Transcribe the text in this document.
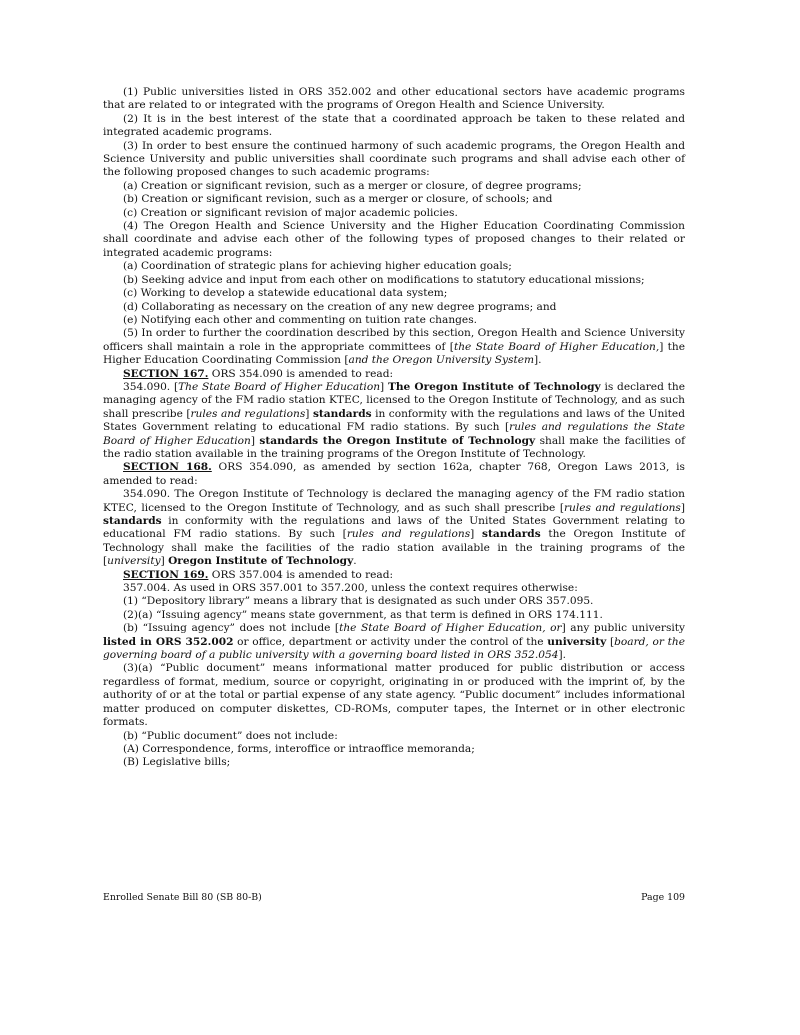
(1) Public universities listed in ORS 352.002 and other educational sectors have academic programs that are related to or integrated with the programs of Oregon Health and Science University.

(2) It is in the best interest of the state that a coordinated approach be taken to these related and integrated academic programs.

(3) In order to best ensure the continued harmony of such academic programs, the Oregon Health and Science University and public universities shall coordinate such programs and shall advise each other of the following proposed changes to such academic programs:

(a) Creation or significant revision, such as a merger or closure, of degree programs;

(b) Creation or significant revision, such as a merger or closure, of schools; and

(c) Creation or significant revision of major academic policies.

(4) The Oregon Health and Science University and the Higher Education Coordinating Commission shall coordinate and advise each other of the following types of proposed changes to their related or integrated academic programs:

(a) Coordination of strategic plans for achieving higher education goals;

(b) Seeking advice and input from each other on modifications to statutory educational missions;

(c) Working to develop a statewide educational data system;

(d) Collaborating as necessary on the creation of any new degree programs; and

(e) Notifying each other and commenting on tuition rate changes.

(5) In order to further the coordination described by this section, Oregon Health and Science University officers shall maintain a role in the appropriate committees of [the State Board of Higher Education,] the Higher Education Coordinating Commission [and the Oregon University System].

SECTION 167. ORS 354.090 is amended to read:

354.090. [The State Board of Higher Education] The Oregon Institute of Technology is declared the managing agency of the FM radio station KTEC, licensed to the Oregon Institute of Technology, and as such shall prescribe [rules and regulations] standards in conformity with the regulations and laws of the United States Government relating to educational FM radio stations. By such [rules and regulations the State Board of Higher Education] standards the Oregon Institute of Technology shall make the facilities of the radio station available in the training programs of the Oregon Institute of Technology.

SECTION 168. ORS 354.090, as amended by section 162a, chapter 768, Oregon Laws 2013, is amended to read:

354.090. The Oregon Institute of Technology is declared the managing agency of the FM radio station KTEC, licensed to the Oregon Institute of Technology, and as such shall prescribe [rules and regulations] standards in conformity with the regulations and laws of the United States Government relating to educational FM radio stations. By such [rules and regulations] standards the Oregon Institute of Technology shall make the facilities of the radio station available in the training programs of the [university] Oregon Institute of Technology.

SECTION 169. ORS 357.004 is amended to read:

357.004. As used in ORS 357.001 to 357.200, unless the context requires otherwise:

(1) “Depository library” means a library that is designated as such under ORS 357.095.

(2)(a) “Issuing agency” means state government, as that term is defined in ORS 174.111.

(b) “Issuing agency” does not include [the State Board of Higher Education, or] any public university listed in ORS 352.002 or office, department or activity under the control of the university [board, or the governing board of a public university with a governing board listed in ORS 352.054].

(3)(a) “Public document” means informational matter produced for public distribution or access regardless of format, medium, source or copyright, originating in or produced with the imprint of, by the authority of or at the total or partial expense of any state agency. “Public document” includes informational matter produced on computer diskettes, CD-ROMs, computer tapes, the Internet or in other electronic formats.

(b) “Public document” does not include:

(A) Correspondence, forms, interoffice or intraoffice memoranda;

(B) Legislative bills;

Enrolled Senate Bill 80 (SB 80-B)	Page 109
